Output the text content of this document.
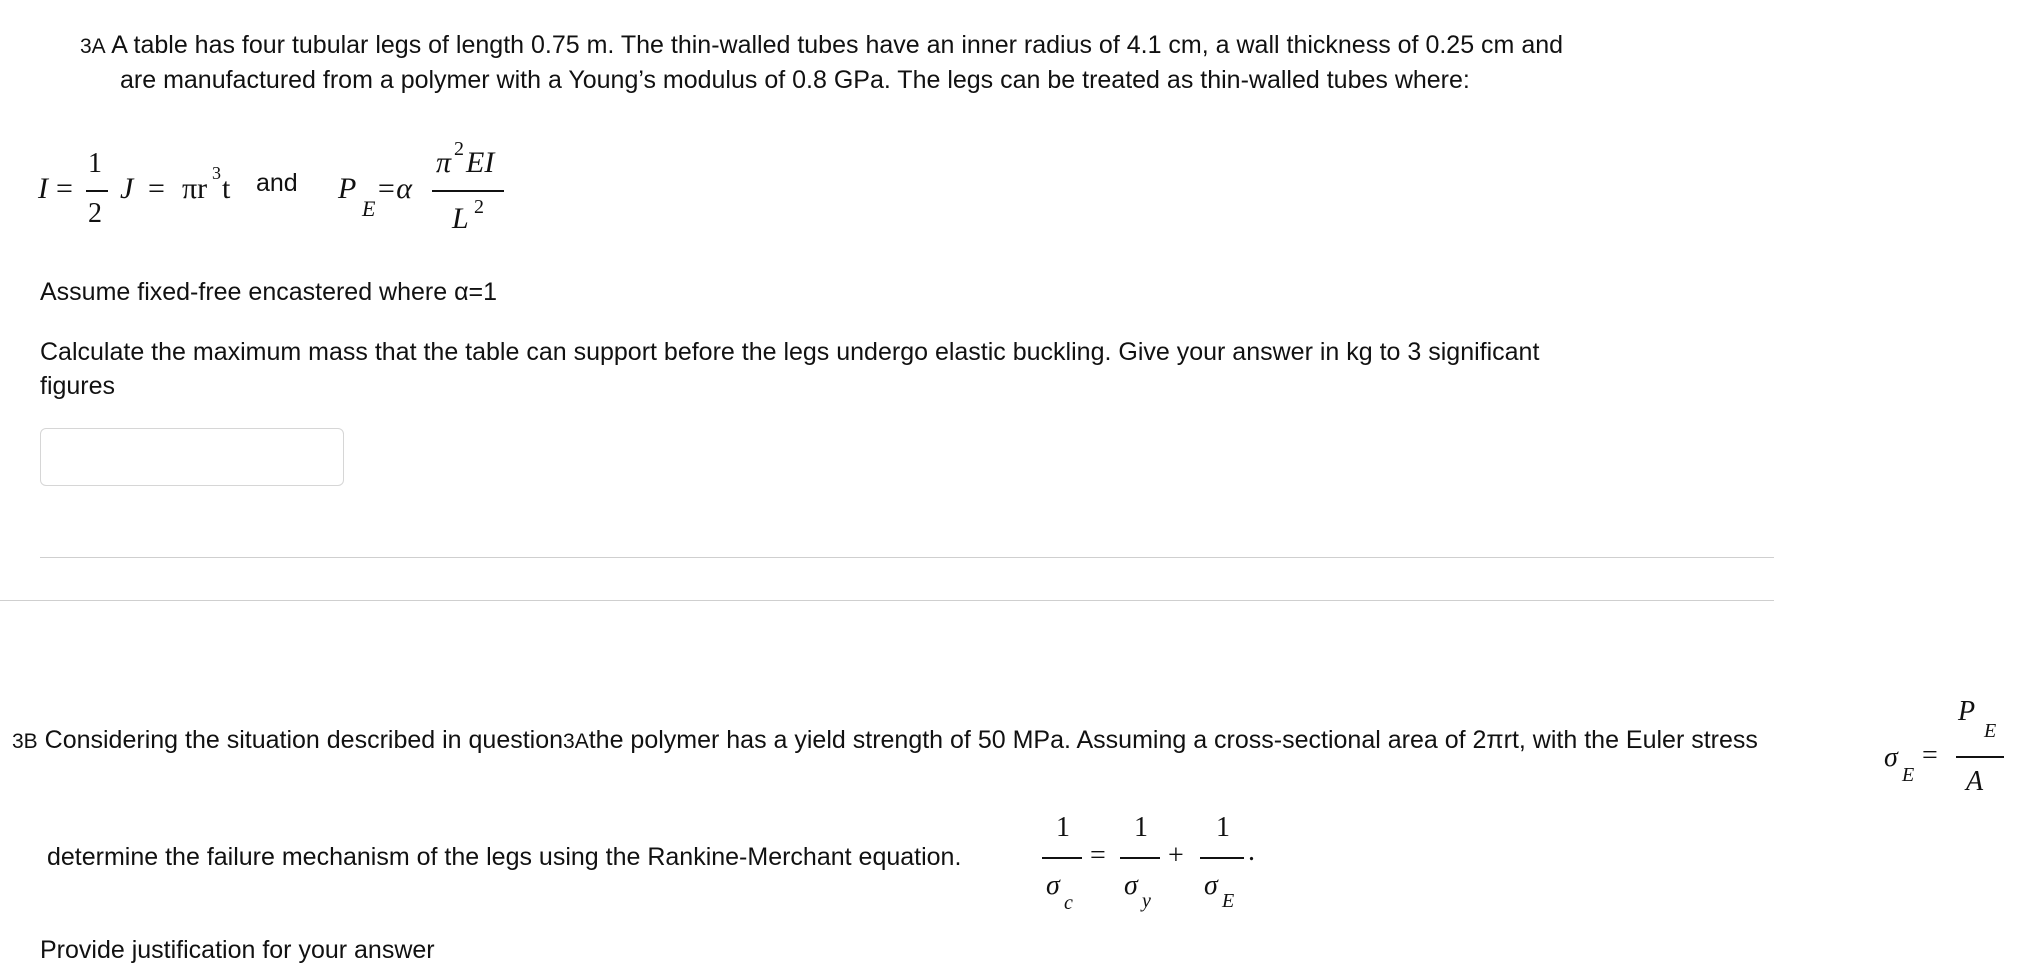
3A A table has four tubular legs of length 0.75 m. The thin-walled tubes have an inner radius of 4.1 cm, a wall thickness of 0.25 cm and
are manufactured from a polymer with a Young’s modulus of 0.8 GPa. The legs can be treated as thin-walled tubes where:
I =
1
2
J = πr 3 t and P
E
=α
π 2 EI
L 2
Assume fixed-free encastered where α=1
Calculate the maximum mass that the table can support before the legs undergo elastic buckling. Give your answer in kg to 3 significant
figures
3B Considering the situation described in question3Athe polymer has a yield strength of 50 MPa. Assuming a cross-sectional area of 2πrt, with the Euler stress
σ
E
=
P
E
A
determine the failure mechanism of the legs using the Rankine-Merchant equation.
1
σ
c
=
1
σ y
+
1
σ E
.
Provide justification for your answer
